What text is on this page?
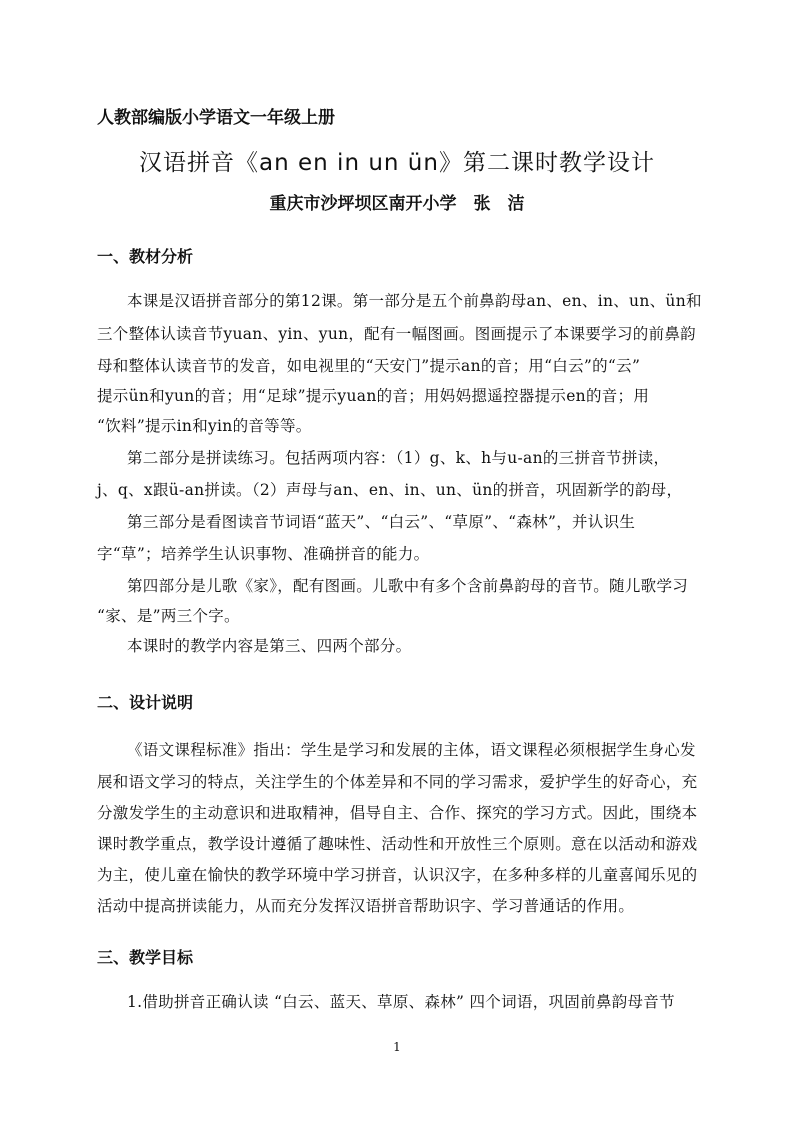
人教部编版小学语文一年级上册
汉语拼音《an en in un ün》第二课时教学设计
重庆市沙坪坝区南开小学　张　洁
一、教材分析
本课是汉语拼音部分的第12课。第一部分是五个前鼻韵母an、en、in、un、ün和
三个整体认读音节yuan、yin、yun，配有一幅图画。图画提示了本课要学习的前鼻韵
母和整体认读音节的发音，如电视里的“天安门”提示an的音；用“白云”的“云”
提示ün和yun的音；用“足球”提示yuan的音；用妈妈摁遥控器提示en的音；用
“饮料”提示in和yin的音等等。
第二部分是拼读练习。包括两项内容：（1）g、k、h与u-an的三拼音节拼读，
j、q、x跟ü-an拼读。（2）声母与an、en、in、un、ün的拼音，巩固新学的韵母，
第三部分是看图读音节词语“蓝天”、“白云”、“草原”、“森林”，并认识生
字“草”；培养学生认识事物、准确拼音的能力。
第四部分是儿歌《家》，配有图画。儿歌中有多个含前鼻韵母的音节。随儿歌学习
“家、是”两三个字。
本课时的教学内容是第三、四两个部分。
二、设计说明
《语文课程标准》指出：学生是学习和发展的主体，语文课程必须根据学生身心发
展和语文学习的特点，关注学生的个体差异和不同的学习需求，爱护学生的好奇心，充
分激发学生的主动意识和进取精神，倡导自主、合作、探究的学习方式。因此，围绕本
课时教学重点，教学设计遵循了趣味性、活动性和开放性三个原则。意在以活动和游戏
为主，使儿童在愉快的教学环境中学习拼音，认识汉字，在多种多样的儿童喜闻乐见的
活动中提高拼读能力，从而充分发挥汉语拼音帮助识字、学习普通话的作用。
三、教学目标
1.借助拼音正确认读 “白云、蓝天、草原、森林” 四个词语，巩固前鼻韵母音节
1
